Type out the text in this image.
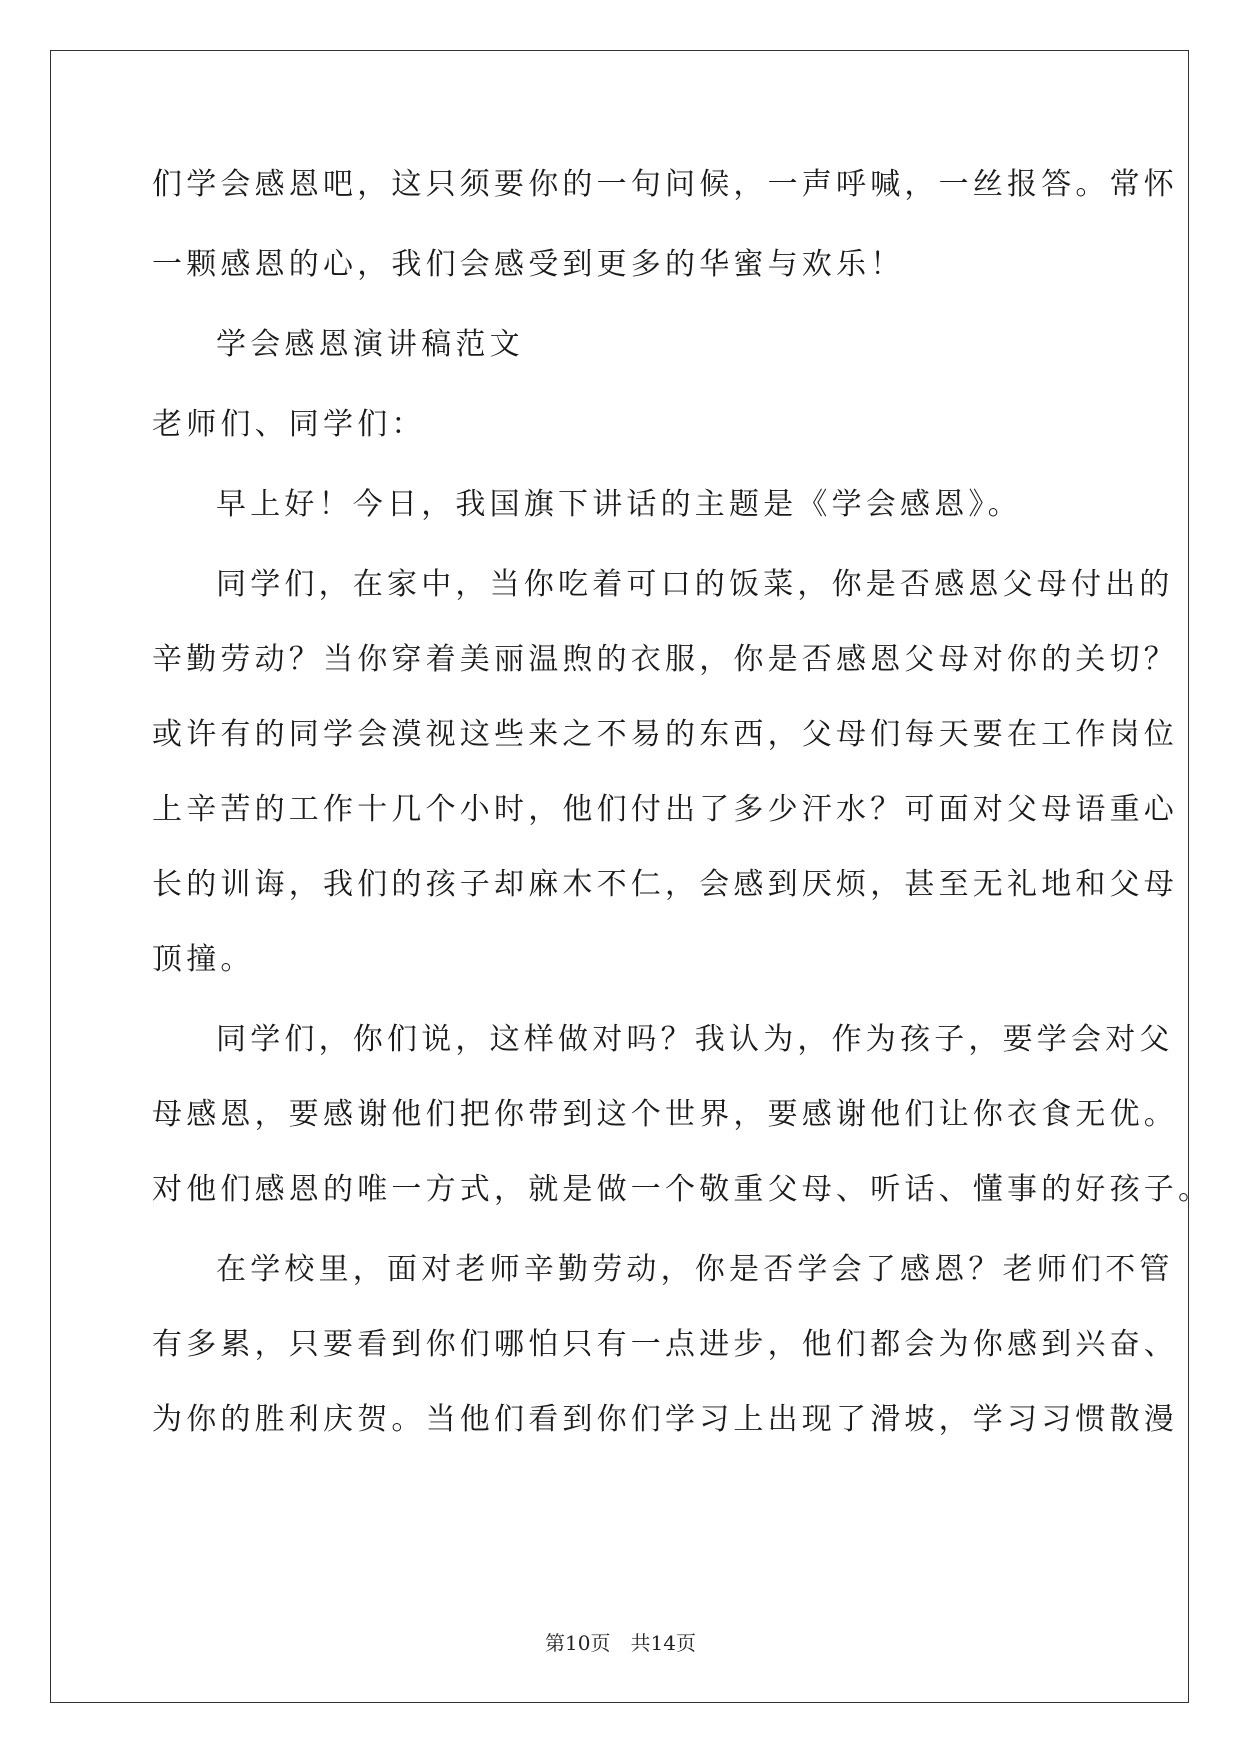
们学会感恩吧，这只须要你的一句问候，一声呼喊，一丝报答。常怀
一颗感恩的心，我们会感受到更多的华蜜与欢乐！
学会感恩演讲稿范文
老师们、同学们：
早上好！今日，我国旗下讲话的主题是《学会感恩》。
同学们，在家中，当你吃着可口的饭菜，你是否感恩父母付出的
辛勤劳动？当你穿着美丽温煦的衣服，你是否感恩父母对你的关切？
或许有的同学会漠视这些来之不易的东西，父母们每天要在工作岗位
上辛苦的工作十几个小时，他们付出了多少汗水？可面对父母语重心
长的训诲，我们的孩子却麻木不仁，会感到厌烦，甚至无礼地和父母
顶撞。
同学们，你们说，这样做对吗？我认为，作为孩子，要学会对父
母感恩，要感谢他们把你带到这个世界，要感谢他们让你衣食无优。
对他们感恩的唯一方式，就是做一个敬重父母、听话、懂事的好孩子。
在学校里，面对老师辛勤劳动，你是否学会了感恩？老师们不管
有多累，只要看到你们哪怕只有一点进步，他们都会为你感到兴奋、
为你的胜利庆贺。当他们看到你们学习上出现了滑坡，学习习惯散漫
第10页　共14页
